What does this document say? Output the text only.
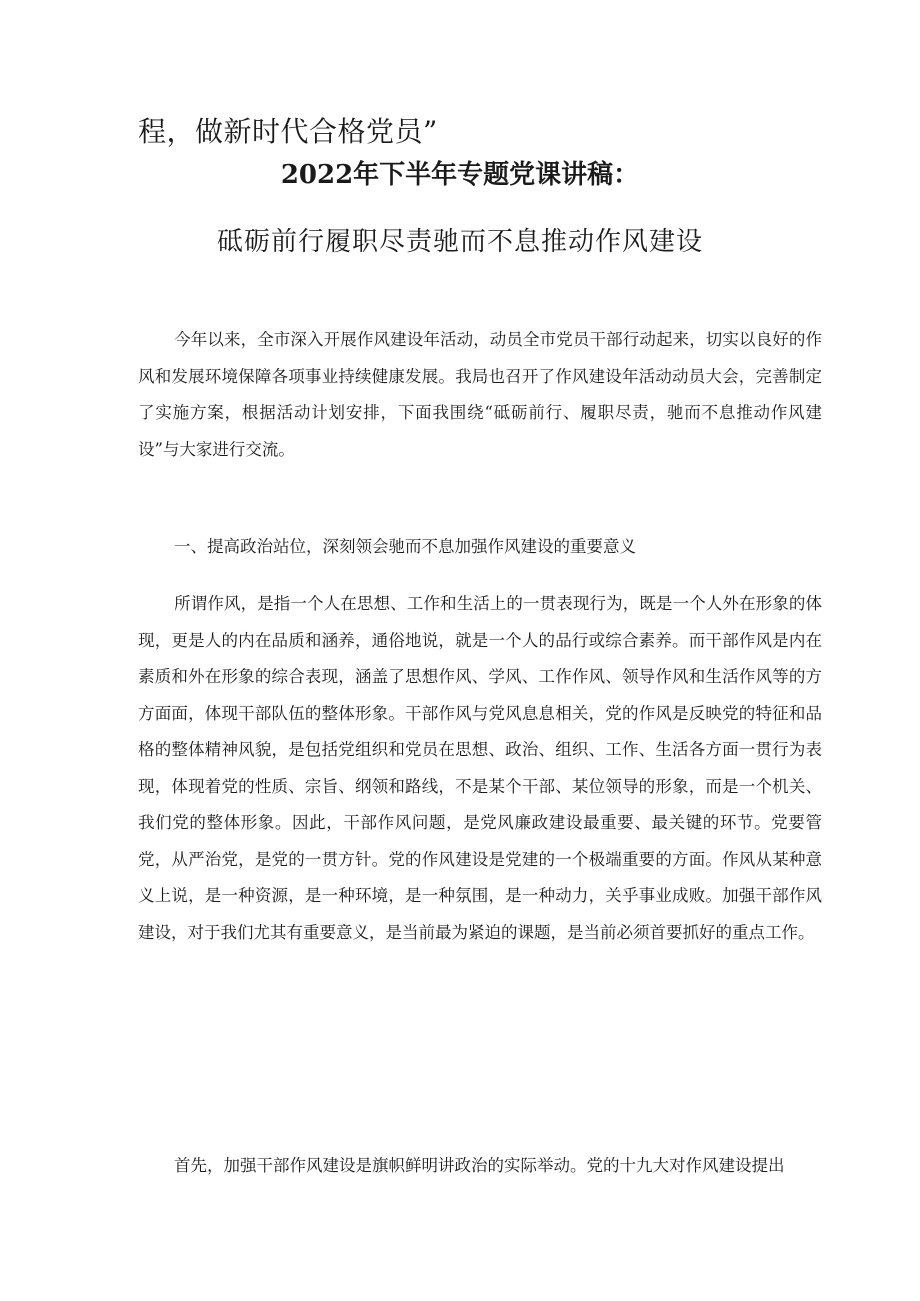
程，做新时代合格党员”
2022年下半年专题党课讲稿：
砥砺前行履职尽责驰而不息推动作风建设

今年以来，全市深入开展作风建设年活动，动员全市党员干部行动起来，切实以良好的作风和发展环境保障各项事业持续健康发展。我局也召开了作风建设年活动动员大会，完善制定了实施方案，根据活动计划安排，下面我围绕“砥砺前行、履职尽责，驰而不息推动作风建设”与大家进行交流。

一、提高政治站位，深刻领会驰而不息加强作风建设的重要意义

所谓作风，是指一个人在思想、工作和生活上的一贯表现行为，既是一个人外在形象的体现，更是人的内在品质和涵养，通俗地说，就是一个人的品行或综合素养。而干部作风是内在素质和外在形象的综合表现，涵盖了思想作风、学风、工作作风、领导作风和生活作风等的方方面面，体现干部队伍的整体形象。干部作风与党风息息相关，党的作风是反映党的特征和品格的整体精神风貌，是包括党组织和党员在思想、政治、组织、工作、生活各方面一贯行为表现，体现着党的性质、宗旨、纲领和路线，不是某个干部、某位领导的形象，而是一个机关、我们党的整体形象。因此，干部作风问题，是党风廉政建设最重要、最关键的环节。党要管党，从严治党，是党的一贯方针。党的作风建设是党建的一个极端重要的方面。作风从某种意义上说，是一种资源，是一种环境，是一种氛围，是一种动力，关乎事业成败。加强干部作风建设，对于我们尤其有重要意义，是当前最为紧迫的课题，是当前必须首要抓好的重点工作。

首先，加强干部作风建设是旗帜鲜明讲政治的实际举动。党的十九大对作风建设提出
